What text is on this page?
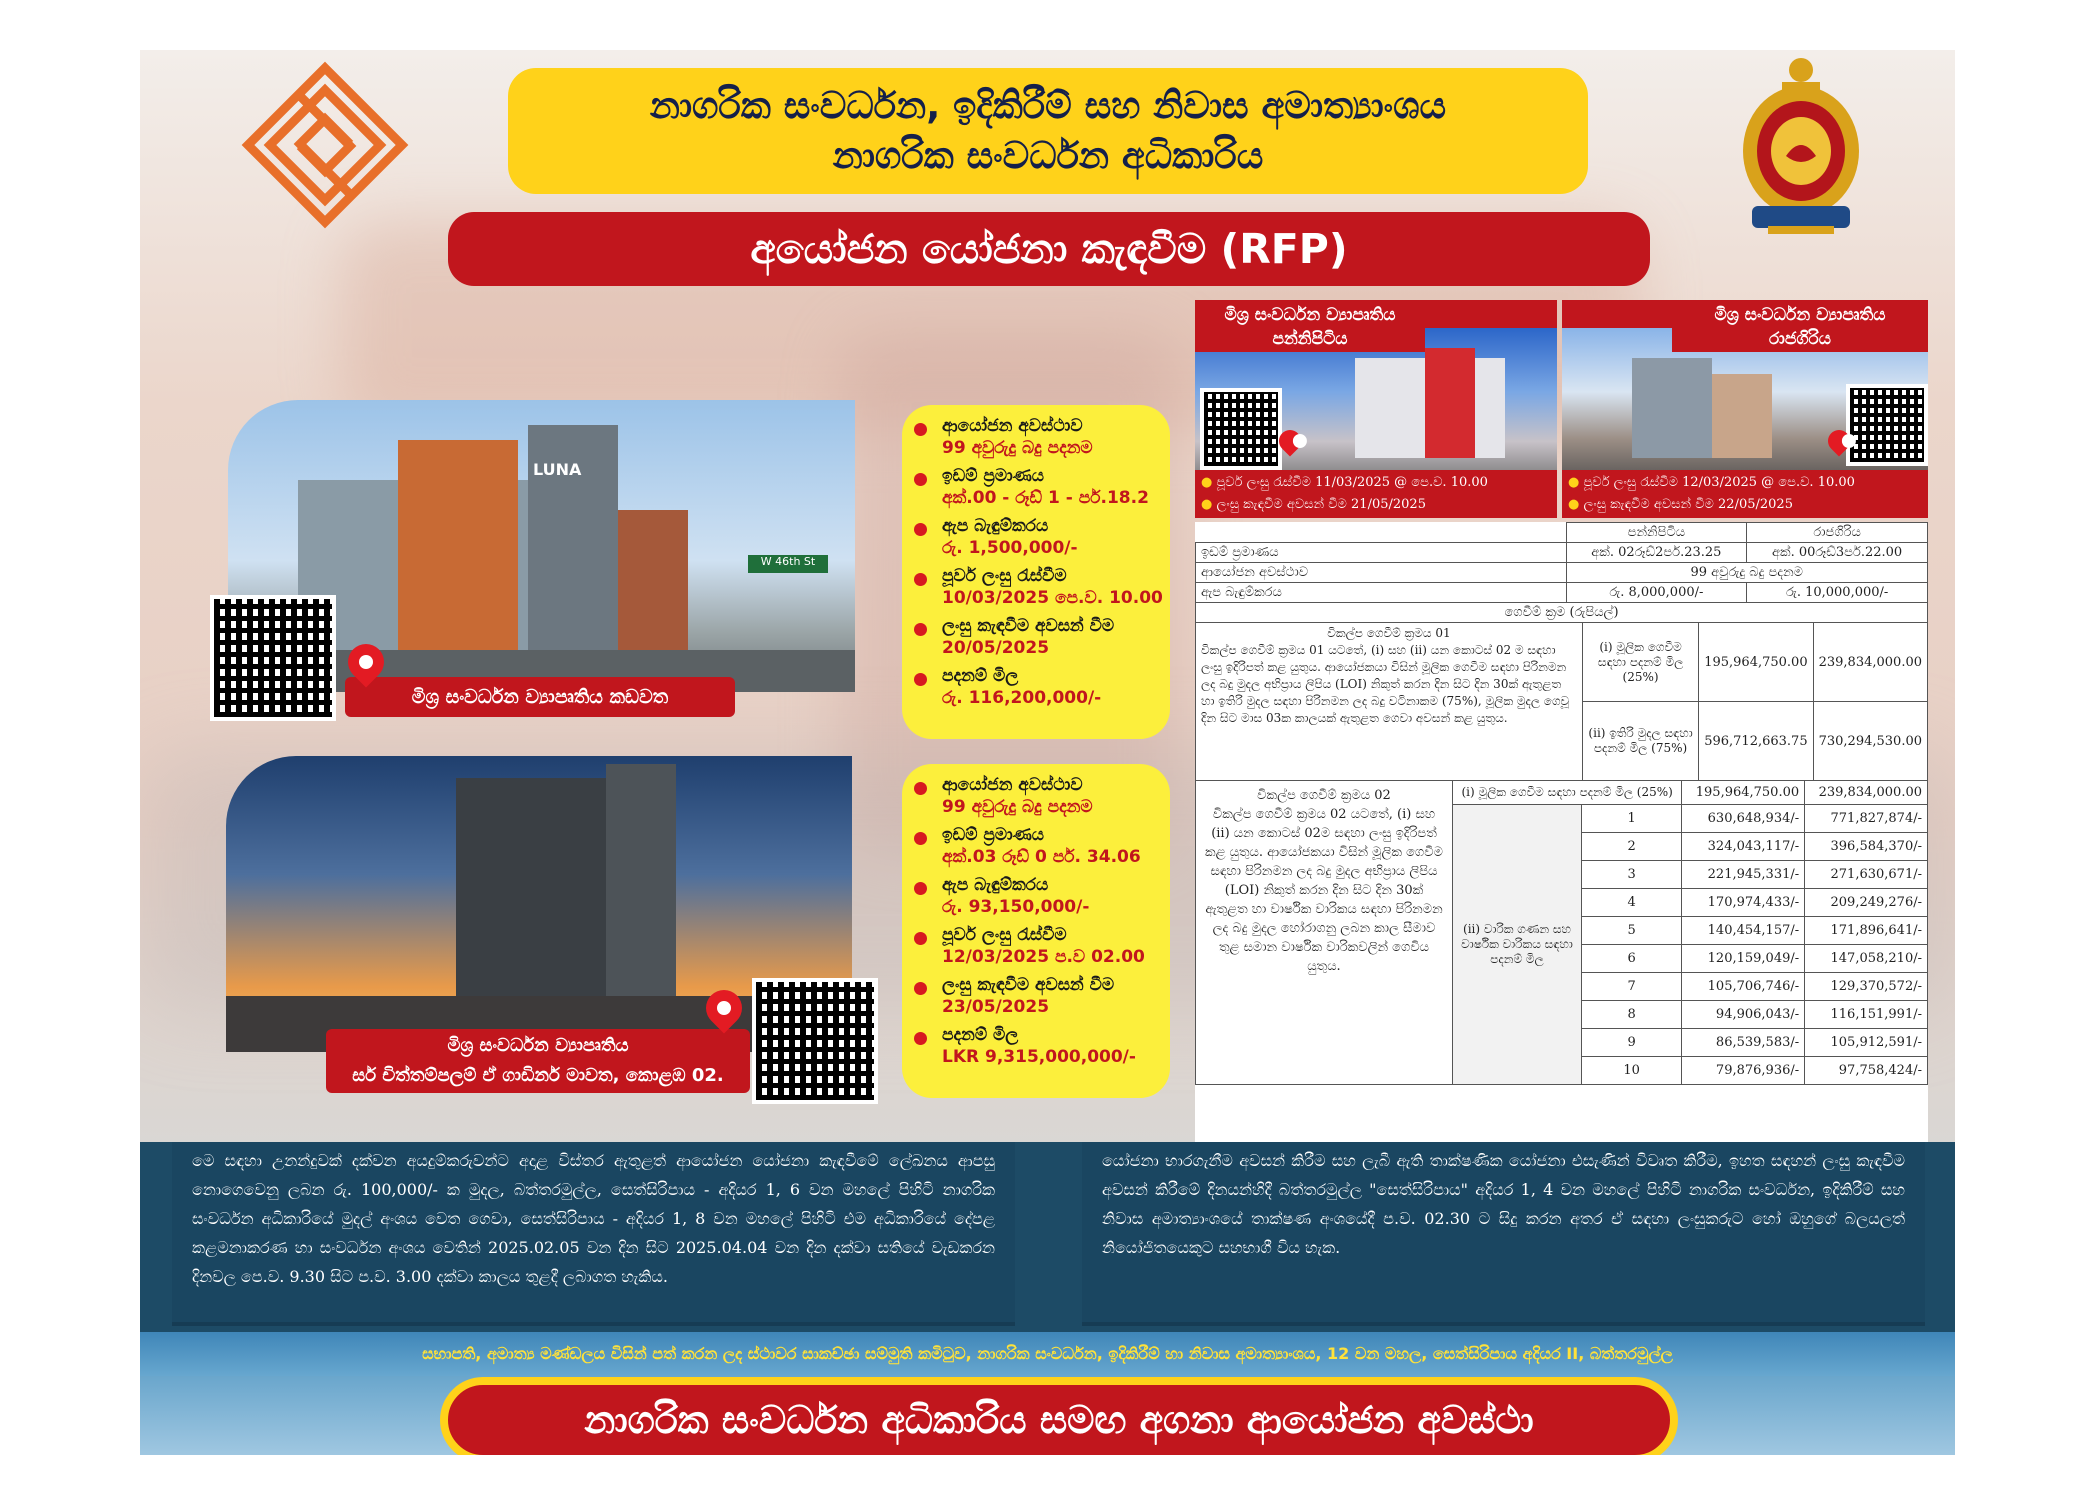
නාගරික සංවර්ධන, ඉදිකිරීම් සහ නිවාස අමාත්‍යාංශය
නාගරික සංවර්ධන අධිකාරිය
අයෝජන යෝජනා කැඳවීම (RFP)
LUNA
W 46th St
මිශ්‍ර සංවර්ධන ව්‍යාපෘතිය කඩවත
ආයෝජන අවස්ථාව
99 අවුරුදු බදු පදනම
ඉඩම් ප්‍රමාණය
අක්.00 - රූඩ් 1 - පර්.18.2
ඇප බැඳුම්කරය
රු. 1,500,000/-
පූර්ව ලංසු රැස්වීම
10/03/2025 පෙ.ව. 10.00
ලංසු කැඳවීම අවසන් වීම
20/05/2025
පදනම් මිල
රු. 116,200,000/-
මිශ්‍ර සංවර්ධන ව්‍යාපෘතිය
සර් චිත්තම්පලම් ඒ ගාඩිනර් මාවත, කොළඹ 02.
ආයෝජන අවස්ථාව
99 අවුරුදු බදු පදනම
ඉඩම් ප්‍රමාණය
අක්.03 රූඩ් 0 පර්. 34.06
ඇප බැඳුම්කරය
රු. 93,150,000/-
පූර්ව ලංසු රැස්වීම
12/03/2025 ප.ව 02.00
ලංසු කැඳවීම අවසන් වීම
23/05/2025
පදනම් මිල
LKR 9,315,000,000/-
මිශ්‍ර සංවර්ධන ව්‍යාපෘතිය
පන්නිපිටිය
● පූර්ව ලංසු රැස්වීම 11/03/2025 @ පෙ.ව. 10.00
● ලංසු කැඳවීම අවසන් වීම 21/05/2025
මිශ්‍ර සංවර්ධන ව්‍යාපෘතිය
රාජගිරිය
● පූර්ව ලංසු රැස්වීම 12/03/2025 @ පෙ.ව. 10.00
● ලංසු කැඳවීම අවසන් වීම 22/05/2025
	පන්නිපිටිය	රාජගිරිය
ඉඩම් ප්‍රමාණය	අක්. 02රූඩ්2පර්.23.25	අක්. 00රූඩ්3පර්.22.00
ආයෝජන අවස්ථාව	99 අවුරුදු බදු පදනම	
ඇප බැඳුම්කරය	රු. 8,000,000/-	රු. 10,000,000/-
ගෙවීම් ක්‍රම (රුපියල්)		
විකල්ප ගෙවීම් ක්‍රමය 01
විකල්ප ගෙවීම් ක්‍රමය 01 යටතේ, (i) සහ (ii) යන කොටස් 02 ම සඳහා ලංසු ඉදිරිපත් කළ යුතුය. ආයෝජකයා විසින් මූලික ගෙවීම සඳහා පිරිනමන ලද බදු මුදල අභිප්‍රාය ලිපිය (LOI) නිකුත් කරන දින සිට දින 30ක් ඇතුළත හා ඉතිරි මුදල සඳහා පිරිනමන ලද බදු වටිනාකම (75%), මූලික මුදල ගෙවූ දින සිට මාස 03ක කාලයක් ඇතුළත ගෙවා අවසන් කළ යුතුය.	(i) මූලික ගෙවීම සඳහා පදනම් මිල (25%)	195,964,750.00	239,834,000.00
	(ii) ඉතිරි මුදල සඳහා පදනම් මිල (75%)	596,712,663.75	730,294,530.00
විකල්ප ගෙවීම් ක්‍රමය 02
විකල්ප ගෙවීම් ක්‍රමය 02 යටතේ, (i) සහ (ii) යන කොටස් 02ම සඳහා ලංසු ඉදිරිපත් කළ යුතුය. ආයෝජකයා විසින් මූලික ගෙවීම සඳහා පිරිනමන ලද බදු මුදල අභිප්‍රාය ලිපිය (LOI) නිකුත් කරන දින සිට දින 30ක් ඇතුළත හා වාර්ෂික වාරිකය සඳහා පිරිනමන ලද බදු මුදල හෝරාගනු ලබන කාල සීමාව තුළ සමාන වාර්ෂික වාරිකවලින් ගෙවිය යුතුය.	(i) මූලික ගෙවීම සඳහා පදනම් මිල (25%)		195,964,750.00	239,834,000.00
	(ii) වාරික ගණන සහ වාර්ෂික වාරිකය සඳහා පදනම් මිල	1	630,648,934/-	771,827,874/-
		2	324,043,117/-	396,584,370/-
		3	221,945,331/-	271,630,671/-
		4	170,974,433/-	209,249,276/-
		5	140,454,157/-	171,896,641/-
		6	120,159,049/-	147,058,210/-
		7	105,706,746/-	129,370,572/-
		8	94,906,043/-	116,151,991/-
		9	86,539,583/-	105,912,591/-
		10	79,876,936/-	97,758,424/-
මෙ සඳහා උනන්දුවක් දක්වන අයදුම්කරුවන්ට අදාළ විස්තර ඇතුළත් ආයෝජන යෝජනා කැඳවීමේ ලේඛනය ආපසු නොගෙවෙනු ලබන රු. 100,000/- ක මුදල, බත්තරමුල්ල, සෙත්සිරිපාය - අදියර 1, 6 වන මහලේ පිහිටි නාගරික සංවර්ධන අධිකාරියේ මුදල් අංශය වෙත ගෙවා, සෙත්සිරිපාය - අදියර 1, 8 වන මහලේ පිහිටි එම අධිකාරියේ දේපළ කළමනාකරණ හා සංවර්ධන අංශය වෙතින් 2025.02.05 වන දින සිට 2025.04.04 වන දින දක්වා සතියේ වැඩකරන දිනවල පෙ.ව. 9.30 සිට ප.ව. 3.00 දක්වා කාලය තුළදී ලබාගත හැකිය.
යෝජනා භාරගැනීම අවසන් කිරීම සහ ලැබී ඇති තාක්ෂණික යෝජනා එසැණින් විවෘත කිරීම, ඉහත සඳහන් ලංසු කැඳවීම අවසන් කිරීමේ දිනයන්හිදී බත්තරමුල්ල "සෙත්සිරිපාය" අදියර 1, 4 වන මහලේ පිහිටි නාගරික සංවර්ධන, ඉදිකිරීම් සහ නිවාස අමාත්‍යාංශයේ තාක්ෂණ අංශයේදී ප.ව. 02.30 ට සිදු කරන අතර ඒ සඳහා ලංසුකරුට හෝ ඔහුගේ බලයලත් නියෝජිතයෙකුට සහභාගී විය හැක.
සභාපති, අමාත්‍ය මණ්ඩලය විසින් පත් කරන ලද ස්ථාවර සාකච්ඡා සම්මුති කමිටුව, නාගරික සංවර්ධන, ඉදිකිරීම් හා නිවාස අමාත්‍යාංශය, 12 වන මහල, සෙත්සිරිපාය අදියර II, බත්තරමුල්ල
නාගරික සංවර්ධන අධිකාරිය සමඟ අගනා ආයෝජන අවස්ථා
